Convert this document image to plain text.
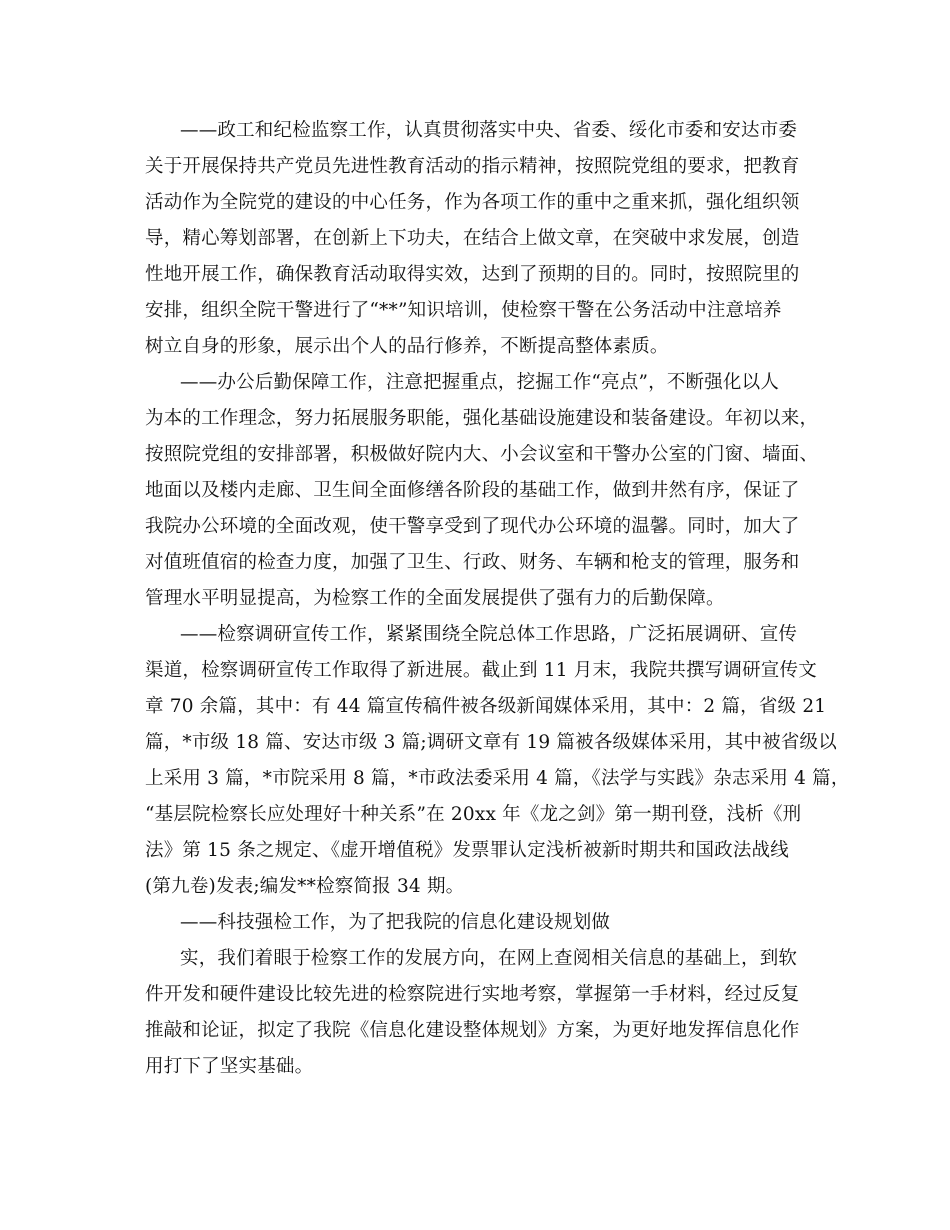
——政工和纪检监察工作，认真贯彻落实中央、省委、绥化市委和安达市委
关于开展保持共产党员先进性教育活动的指示精神，按照院党组的要求，把教育
活动作为全院党的建设的中心任务，作为各项工作的重中之重来抓，强化组织领
导，精心筹划部署，在创新上下功夫，在结合上做文章，在突破中求发展，创造
性地开展工作，确保教育活动取得实效，达到了预期的目的。同时，按照院里的
安排，组织全院干警进行了“**”知识培训，使检察干警在公务活动中注意培养
树立自身的形象，展示出个人的品行修养，不断提高整体素质。
——办公后勤保障工作，注意把握重点，挖掘工作“亮点”，不断强化以人
为本的工作理念，努力拓展服务职能，强化基础设施建设和装备建设。年初以来，
按照院党组的安排部署，积极做好院内大、小会议室和干警办公室的门窗、墙面、
地面以及楼内走廊、卫生间全面修缮各阶段的基础工作，做到井然有序，保证了
我院办公环境的全面改观，使干警享受到了现代办公环境的温馨。同时，加大了
对值班值宿的检查力度，加强了卫生、行政、财务、车辆和枪支的管理，服务和
管理水平明显提高，为检察工作的全面发展提供了强有力的后勤保障。
——检察调研宣传工作，紧紧围绕全院总体工作思路，广泛拓展调研、宣传
渠道，检察调研宣传工作取得了新进展。截止到 11 月末，我院共撰写调研宣传文
章 70 余篇，其中：有 44 篇宣传稿件被各级新闻媒体采用，其中：2 篇，省级 21
篇，*市级 18 篇、安达市级 3 篇;调研文章有 19 篇被各级媒体采用，其中被省级以
上采用 3 篇，*市院采用 8 篇，*市政法委采用 4 篇，《法学与实践》杂志采用 4 篇，
“基层院检察长应处理好十种关系”在 20xx 年《龙之剑》第一期刊登，浅析《刑
法》第 15 条之规定、《虚开增值税》发票罪认定浅析被新时期共和国政法战线
(第九卷)发表;编发**检察简报 34 期。
——科技强检工作，为了把我院的信息化建设规划做
实，我们着眼于检察工作的发展方向，在网上查阅相关信息的基础上，到软
件开发和硬件建设比较先进的检察院进行实地考察，掌握第一手材料，经过反复
推敲和论证，拟定了我院《信息化建设整体规划》方案，为更好地发挥信息化作
用打下了坚实基础。
